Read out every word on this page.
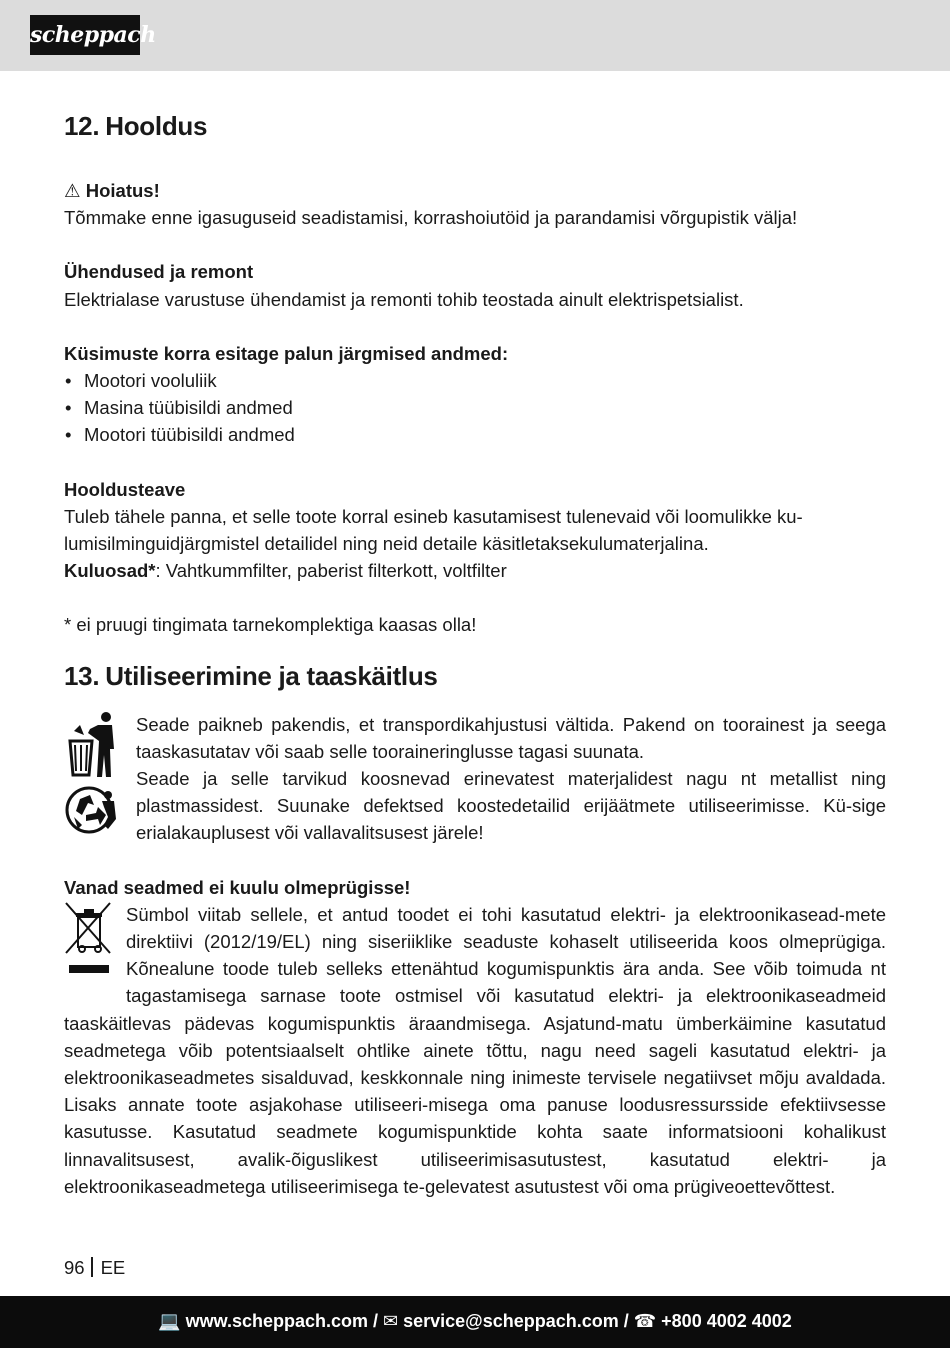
scheppach
12. Hooldus

⚠ Hoiatus!

Tõmmake enne igasuguseid seadistamisi, korrashoiutöid ja parandamisi võrgupistik välja!

Ühendused ja remont

Elektrialase varustuse ühendamist ja remonti tohib teostada ainult elektrispetsialist.

Küsimuste korra esitage palun järgmised andmed:

• Mootori vooluliik
• Masina tüübisildi andmed
• Mootori tüübisildi andmed

Hooldusteave

Tuleb tähele panna, et selle toote korral esineb kasutamisest tulenevaid või loomulikke ku-lumisilminguidjärgmistel detailidel ning neid detaile käsitletaksekulumaterjalina.

Kuluosad*: Vahtkummfilter, paberist filterkott, voltfilter

* ei pruugi tingimata tarnekomplektiga kaasas olla!

13. Utiliseerimine ja taaskäitlus

Seade paikneb pakendis, et transpordikahjustusi vältida. Pakend on toorainest ja seega taaskasutatav või saab selle tooraineringlusse tagasi suunata.

Seade ja selle tarvikud koosnevad erinevatest materjalidest nagu nt metallist ning plastmassidest. Suunake defektsed koostedetailid erijäätmete utiliseerimisse. Kü-sige erialakauplusest või vallavalitsusest järele!

Vanad seadmed ei kuulu olmeprügisse!

Sümbol viitab sellele, et antud toodet ei tohi kasutatud elektri- ja elektroonikasead-mete direktiivi (2012/19/EL) ning siseriiklike seaduste kohaselt utiliseerida koos olmeprügiga. Kõnealune toode tuleb selleks ettenähtud kogumispunktis ära anda. See võib toimuda nt tagastamisega sarnase toote ostmisel või kasutatud elektri- ja elektroonikaseadmeid taaskäitlevas pädevas kogumispunktis äraandmisega. Asjatund-matu ümberkäimine kasutatud seadmetega võib potentsiaalselt ohtlike ainete tõttu, nagu need sageli kasutatud elektri- ja elektroonikaseadmetes sisalduvad, keskkonnale ning inimeste tervisele negatiivset mõju avaldada. Lisaks annate toote asjakohase utiliseeri-misega oma panuse loodusressursside efektiivsesse kasutusse. Kasutatud seadmete kogumispunktide kohta saate informatsiooni kohalikust linnavalitsusest, avalik-õiguslikest utiliseerimisasutustest, kasutatud elektri- ja elektroonikaseadmetega utiliseerimisega te-gelevatest asutustest või oma prügiveoettevõttest.

96 EE
💻 www.scheppach.com / ✉ service@scheppach.com / ☎ +800 4002 4002
